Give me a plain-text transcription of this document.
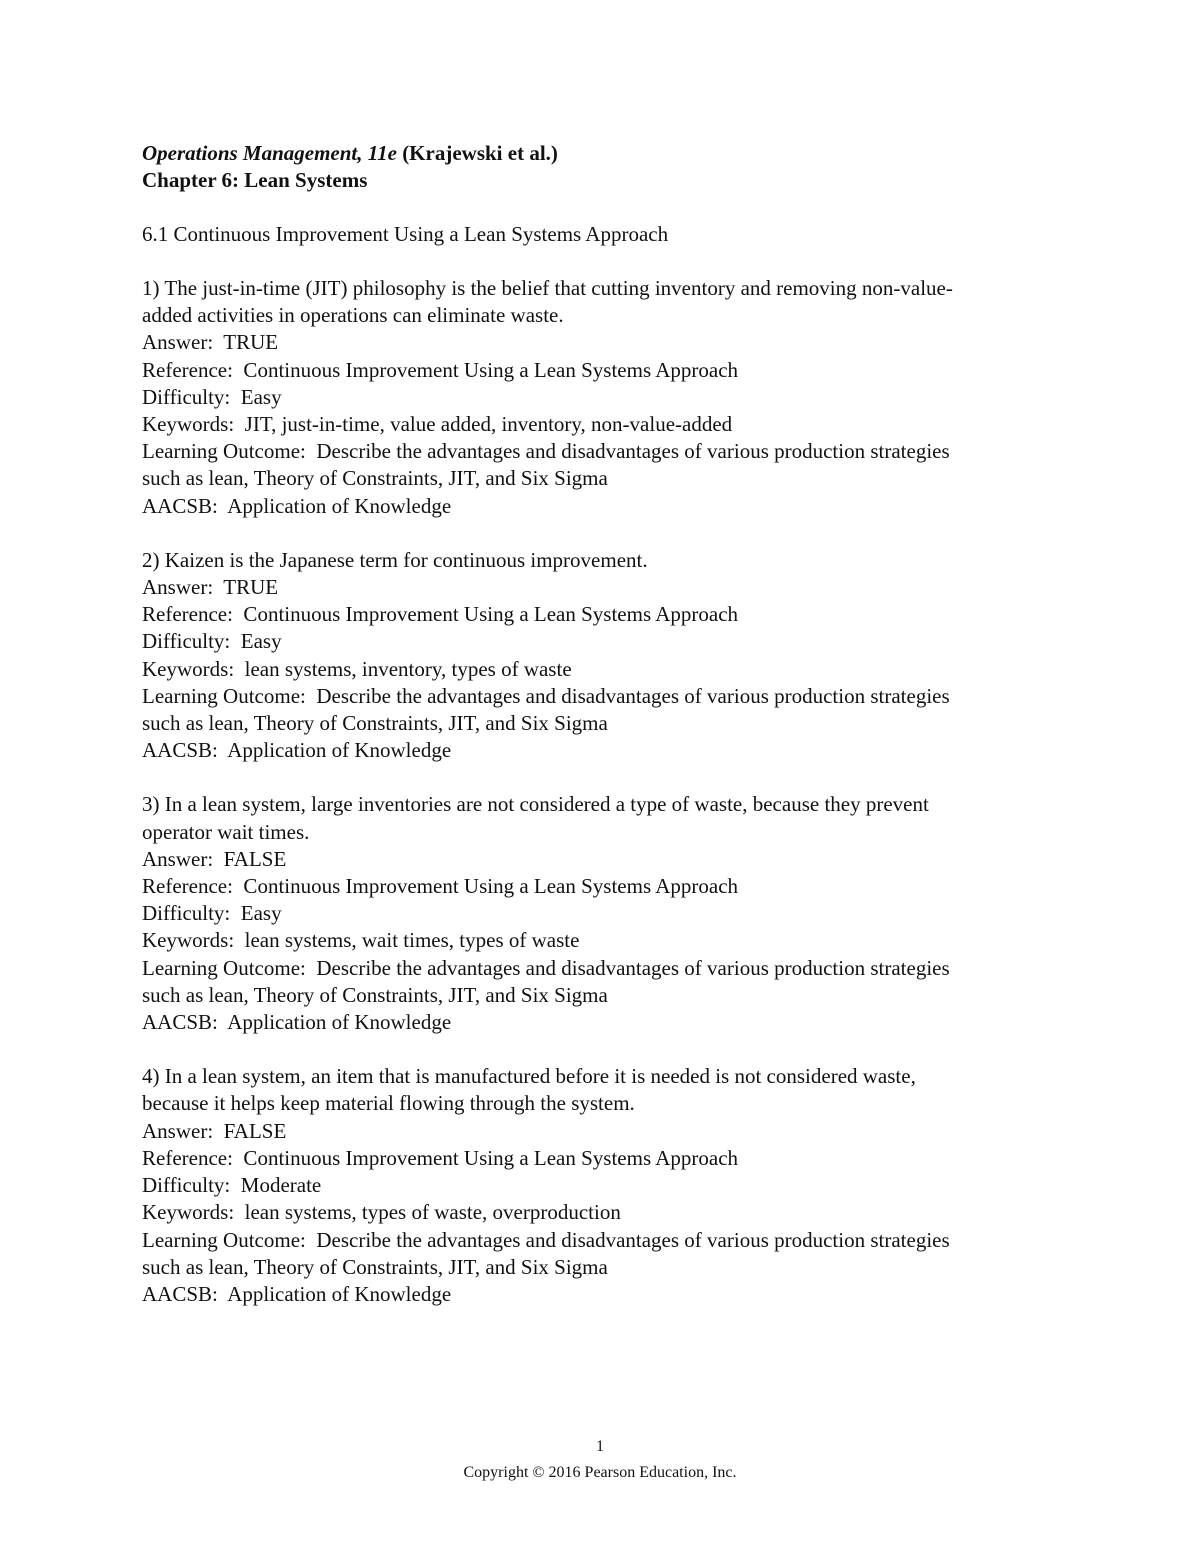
Operations Management, 11e (Krajewski et al.)
Chapter 6: Lean Systems
6.1 Continuous Improvement Using a Lean Systems Approach
1) The just-in-time (JIT) philosophy is the belief that cutting inventory and removing non-value-
added activities in operations can eliminate waste.
Answer:  TRUE
Reference:  Continuous Improvement Using a Lean Systems Approach
Difficulty:  Easy
Keywords:  JIT, just-in-time, value added, inventory, non-value-added
Learning Outcome:  Describe the advantages and disadvantages of various production strategies
such as lean, Theory of Constraints, JIT, and Six Sigma
AACSB:  Application of Knowledge
2) Kaizen is the Japanese term for continuous improvement.
Answer:  TRUE
Reference:  Continuous Improvement Using a Lean Systems Approach
Difficulty:  Easy
Keywords:  lean systems, inventory, types of waste
Learning Outcome:  Describe the advantages and disadvantages of various production strategies
such as lean, Theory of Constraints, JIT, and Six Sigma
AACSB:  Application of Knowledge
3) In a lean system, large inventories are not considered a type of waste, because they prevent
operator wait times.
Answer:  FALSE
Reference:  Continuous Improvement Using a Lean Systems Approach
Difficulty:  Easy
Keywords:  lean systems, wait times, types of waste
Learning Outcome:  Describe the advantages and disadvantages of various production strategies
such as lean, Theory of Constraints, JIT, and Six Sigma
AACSB:  Application of Knowledge
4) In a lean system, an item that is manufactured before it is needed is not considered waste,
because it helps keep material flowing through the system.
Answer:  FALSE
Reference:  Continuous Improvement Using a Lean Systems Approach
Difficulty:  Moderate
Keywords:  lean systems, types of waste, overproduction
Learning Outcome:  Describe the advantages and disadvantages of various production strategies
such as lean, Theory of Constraints, JIT, and Six Sigma
AACSB:  Application of Knowledge
1
Copyright © 2016 Pearson Education, Inc.
